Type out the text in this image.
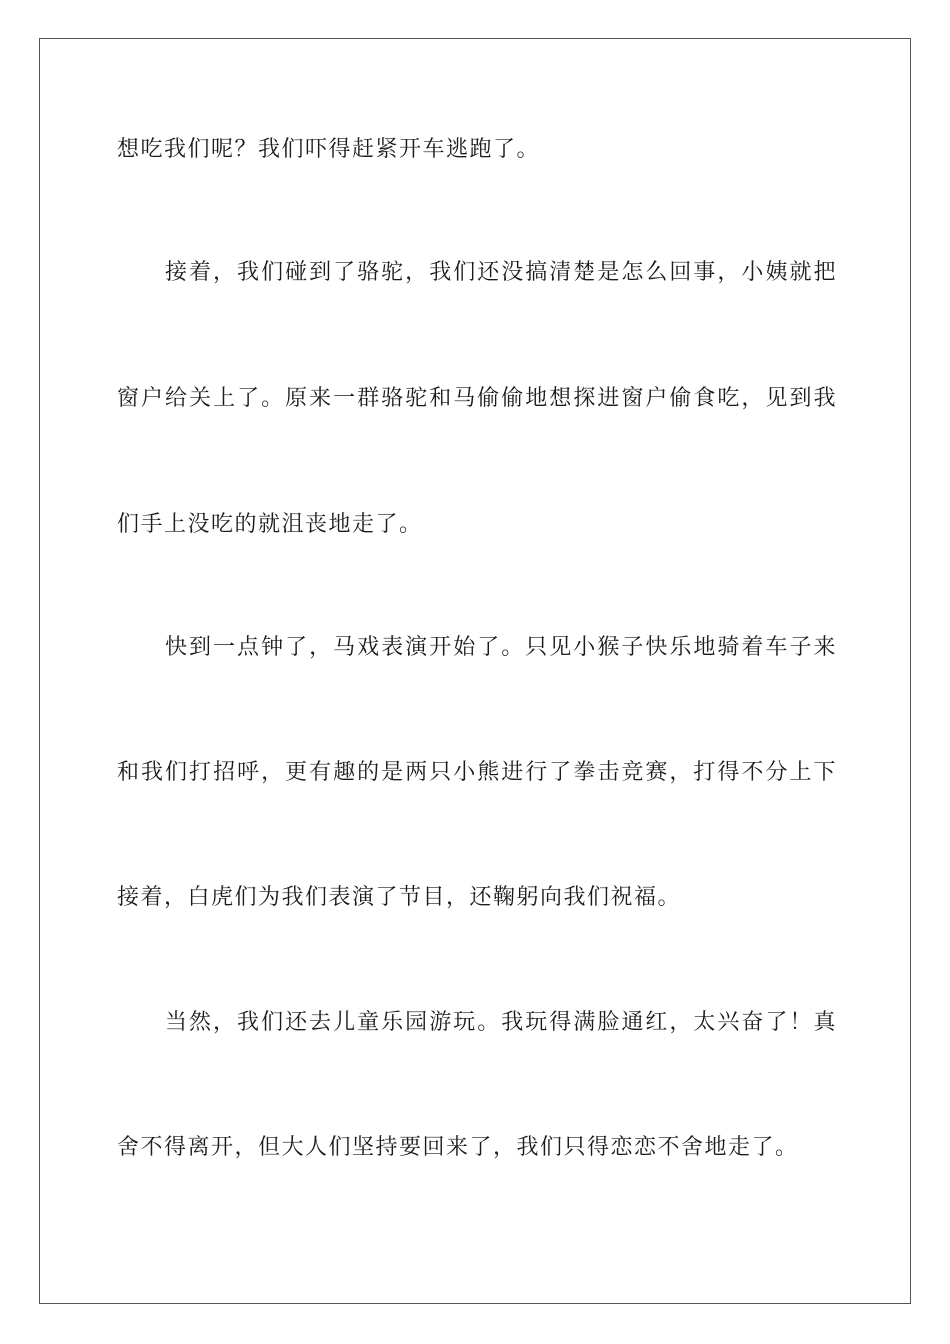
想吃我们呢？我们吓得赶紧开车逃跑了。
接着，我们碰到了骆驼，我们还没搞清楚是怎么回事，小姨就把
窗户给关上了。原来一群骆驼和马偷偷地想探进窗户偷食吃，见到我
们手上没吃的就沮丧地走了。
快到一点钟了，马戏表演开始了。只见小猴子快乐地骑着车子来
和我们打招呼，更有趣的是两只小熊进行了拳击竞赛，打得不分上下
接着，白虎们为我们表演了节目，还鞠躬向我们祝福。
当然，我们还去儿童乐园游玩。我玩得满脸通红，太兴奋了！真
舍不得离开，但大人们坚持要回来了，我们只得恋恋不舍地走了。
